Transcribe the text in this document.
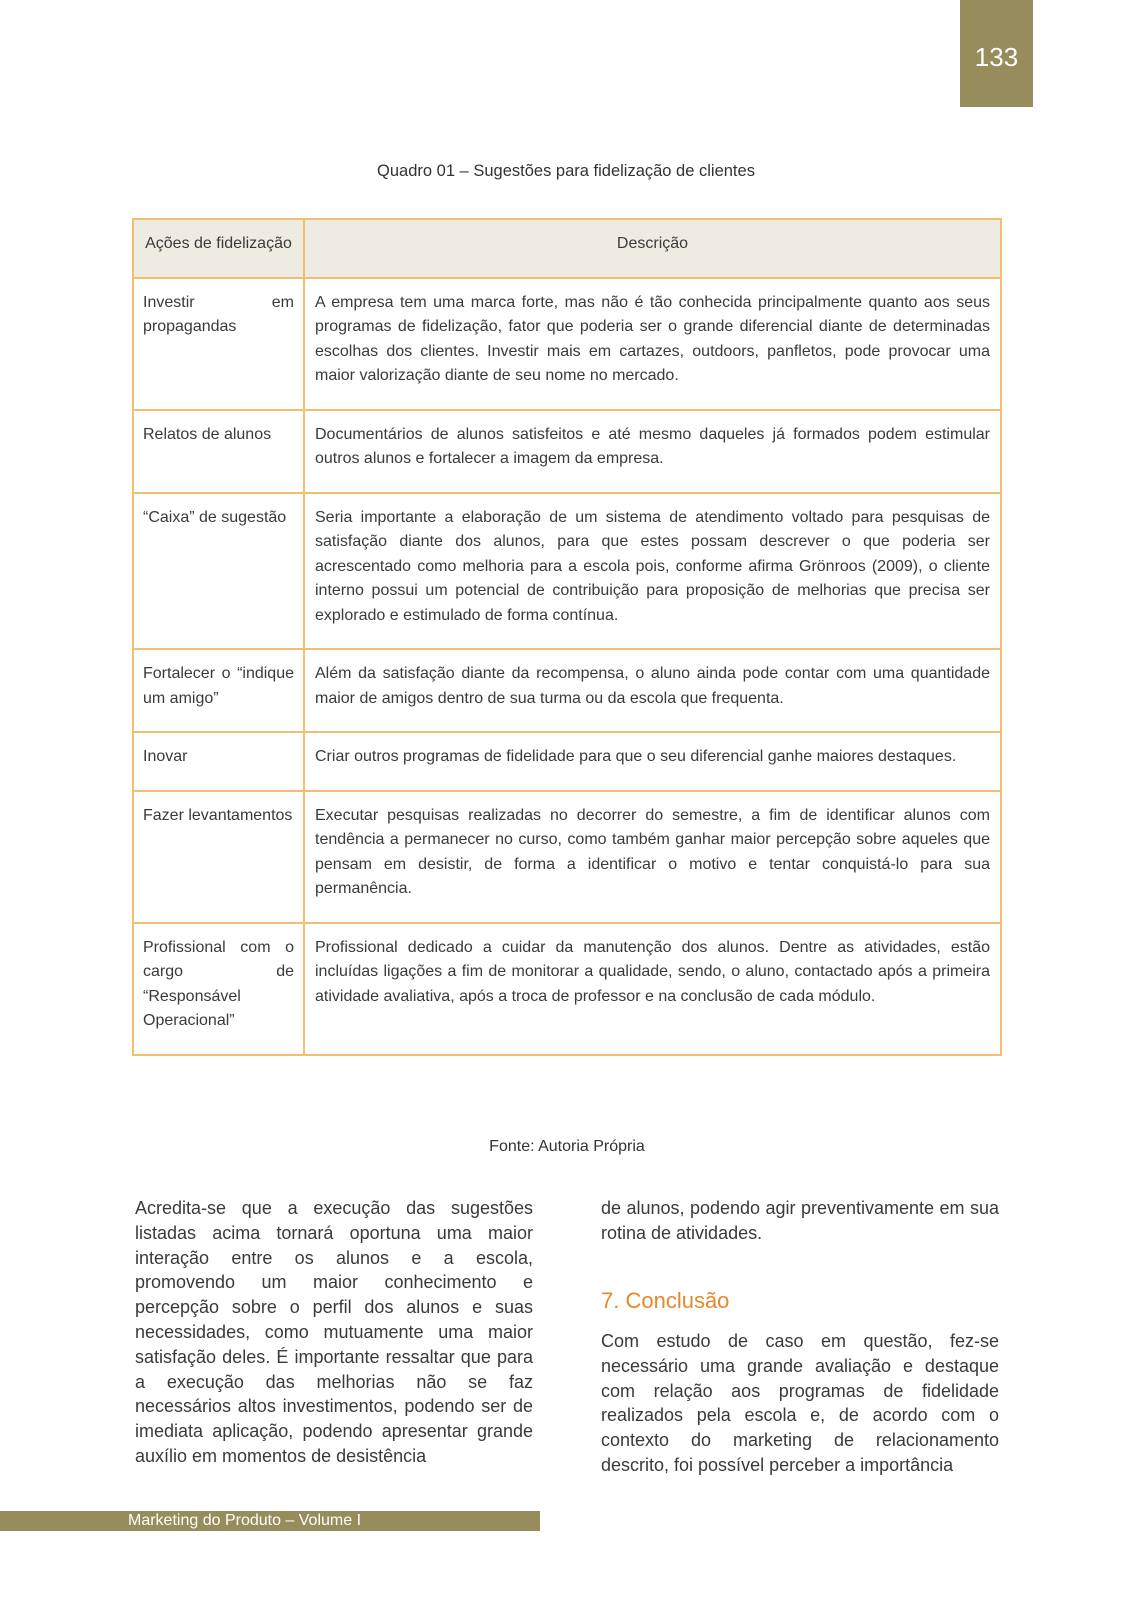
133
Quadro 01 – Sugestões para fidelização de clientes
Ações de fidelização	Descrição
Investir em propagandas	A empresa tem uma marca forte, mas não é tão conhecida principalmente quanto aos seus programas de fidelização, fator que poderia ser o grande diferencial diante de determinadas escolhas dos clientes. Investir mais em cartazes, outdoors, panfletos, pode provocar uma maior valorização diante de seu nome no mercado.
Relatos de alunos	Documentários de alunos satisfeitos e até mesmo daqueles já formados podem estimular outros alunos e fortalecer a imagem da empresa.
“Caixa” de sugestão	Seria importante a elaboração de um sistema de atendimento voltado para pesquisas de satisfação diante dos alunos, para que estes possam descrever o que poderia ser acrescentado como melhoria para a escola pois, conforme afirma Grönroos (2009), o cliente interno possui um potencial de contribuição para proposição de melhorias que precisa ser explorado e estimulado de forma contínua.
Fortalecer o “indique um amigo”	Além da satisfação diante da recompensa, o aluno ainda pode contar com uma quantidade maior de amigos dentro de sua turma ou da escola que frequenta.
Inovar	Criar outros programas de fidelidade para que o seu diferencial ganhe maiores destaques.
Fazer levantamentos	Executar pesquisas realizadas no decorrer do semestre, a fim de identificar alunos com tendência a permanecer no curso, como também ganhar maior percepção sobre aqueles que pensam em desistir, de forma a identificar o motivo e tentar conquistá-lo para sua permanência.
Profissional com o cargo de “Responsável Operacional”	Profissional dedicado a cuidar da manutenção dos alunos. Dentre as atividades, estão incluídas ligações a fim de monitorar a qualidade, sendo, o aluno, contactado após a primeira atividade avaliativa, após a troca de professor e na conclusão de cada módulo.
Fonte: Autoria Própria

Acredita-se que a execução das sugestões listadas acima tornará oportuna uma maior interação entre os alunos e a escola, promovendo um maior conhecimento e percepção sobre o perfil dos alunos e suas necessidades, como mutuamente uma maior satisfação deles. É importante ressaltar que para a execução das melhorias não se faz necessários altos investimentos, podendo ser de imediata aplicação, podendo apresentar grande auxílio em momentos de desistência

de alunos, podendo agir preventivamente em sua rotina de atividades.

7. Conclusão

Com estudo de caso em questão, fez-se necessário uma grande avaliação e destaque com relação aos programas de fidelidade realizados pela escola e, de acordo com o contexto do marketing de relacionamento descrito, foi possível perceber a importância

Marketing do Produto – Volume I
